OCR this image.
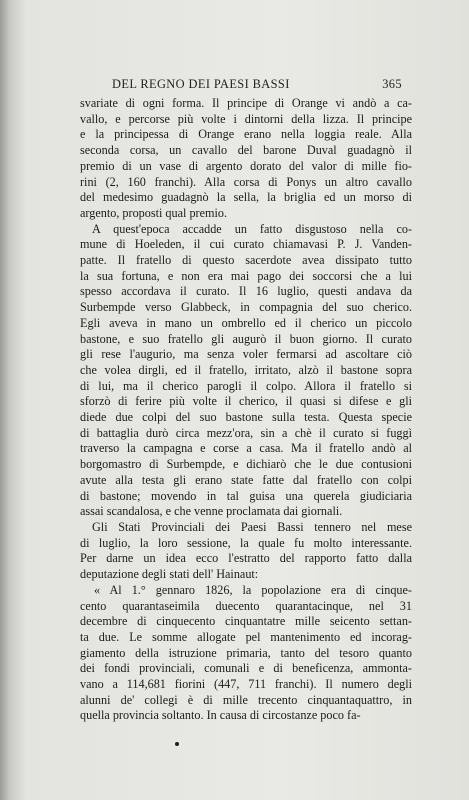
DEL REGNO DEI PAESI BASSI	365
svariate di ogni forma. Il principe di Orange vi andò a ca-
vallo, e percorse più volte i dintorni della lizza. Il principe
e la principessa di Orange erano nella loggia reale. Alla
seconda corsa, un cavallo del barone Duval guadagnò il
premio di un vase di argento dorato del valor di mille fio-
rini (2, 160 franchi). Alla corsa di Ponys un altro cavallo
del medesimo guadagnò la sella, la briglia ed un morso di
argento, proposti qual premio.
A quest'epoca accadde un fatto disgustoso nella co-
mune di Hoeleden, il cui curato chiamavasi P. J. Vanden-
patte. Il fratello di questo sacerdote avea dissipato tutto
la sua fortuna, e non era mai pago dei soccorsi che a lui
spesso accordava il curato. Il 16 luglio, questi andava da
Surbempde verso Glabbeck, in compagnia del suo cherico.
Egli aveva in mano un ombrello ed il cherico un piccolo
bastone, e suo fratello gli augurò il buon giorno. Il curato
gli rese l'augurio, ma senza voler fermarsi ad ascoltare ciò
che volea dirgli, ed il fratello, irritato, alzò il bastone sopra
di lui, ma il cherico parogli il colpo. Allora il fratello si
sforzò di ferire più volte il cherico, il quasi si difese e gli
diede due colpi del suo bastone sulla testa. Questa specie
di battaglia durò circa mezz'ora, sin a chè il curato si fuggì
traverso la campagna e corse a casa. Ma il fratello andò al
borgomastro di Surbempde, e dichiarò che le due contusioni
avute alla testa gli erano state fatte dal fratello con colpi
di bastone; movendo in tal guisa una querela giudiciaria
assai scandalosa, e che venne proclamata dai giornali.
Gli Stati Provinciali dei Paesi Bassi tennero nel mese
di luglio, la loro sessione, la quale fu molto interessante.
Per darne un idea ecco l'estratto del rapporto fatto dalla
deputazione degli stati dell' Hainaut:
« Al 1.° gennaro 1826, la popolazione era di cinque-
cento quarantaseimila duecento quarantacinque, nel 31
decembre di cinquecento cinquantatre mille seicento settan-
ta due. Le somme allogate pel mantenimento ed incorag-
giamento della istruzione primaria, tanto del tesoro quanto
dei fondi provinciali, comunali e di beneficenza, ammonta-
vano a 114,681 fiorini (447, 711 franchi). Il numero degli
alunni de' collegi è di mille trecento cinquantaquattro, in
quella provincia soltanto. In causa di circostanze poco fa-
